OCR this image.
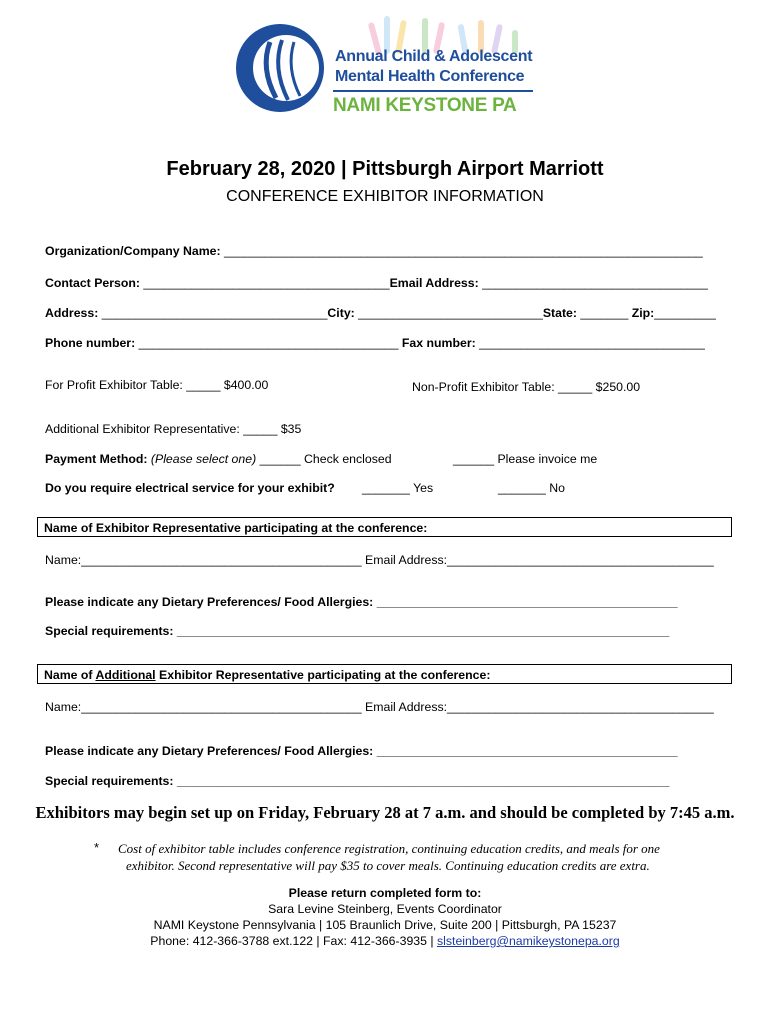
Annual Child & Adolescent
Mental Health Conference
NAMI KEYSTONE PA
February 28, 2020 | Pittsburgh Airport Marriott
CONFERENCE EXHIBITOR INFORMATION
Organization/Company Name: ______________________________________________________________________
Contact Person: ____________________________________Email Address: _________________________________
Address: _________________________________City: ___________________________State: _______ Zip:_________
Phone number: ______________________________________ Fax number: _________________________________
For Profit Exhibitor Table: _____ $400.00	Non-Profit Exhibitor Table: _____ $250.00
Additional Exhibitor Representative: _____ $35
Payment Method: (Please select one) ______ Check enclosed	______ Please invoice me
Do you require electrical service for your exhibit? _______ Yes	_______ No
Name of Exhibitor Representative participating at the conference:
Name:_________________________________________ Email Address:_______________________________________
Please indicate any Dietary Preferences/ Food Allergies: ____________________________________________
Special requirements: ________________________________________________________________________
Name of Additional Exhibitor Representative participating at the conference:
Name:_________________________________________ Email Address:_______________________________________
Please indicate any Dietary Preferences/ Food Allergies: ____________________________________________
Special requirements: ________________________________________________________________________
Exhibitors may begin set up on Friday, February 28 at 7 a.m. and should be completed by 7:45 a.m.
* Cost of exhibitor table includes conference registration, continuing education credits, and meals for one
exhibitor. Second representative will pay $35 to cover meals. Continuing education credits are extra.
Please return completed form to:
Sara Levine Steinberg, Events Coordinator
NAMI Keystone Pennsylvania | 105 Braunlich Drive, Suite 200 | Pittsburgh, PA 15237
Phone: 412-366-3788 ext.122 | Fax: 412-366-3935 | slsteinberg@namikeystonepa.org
